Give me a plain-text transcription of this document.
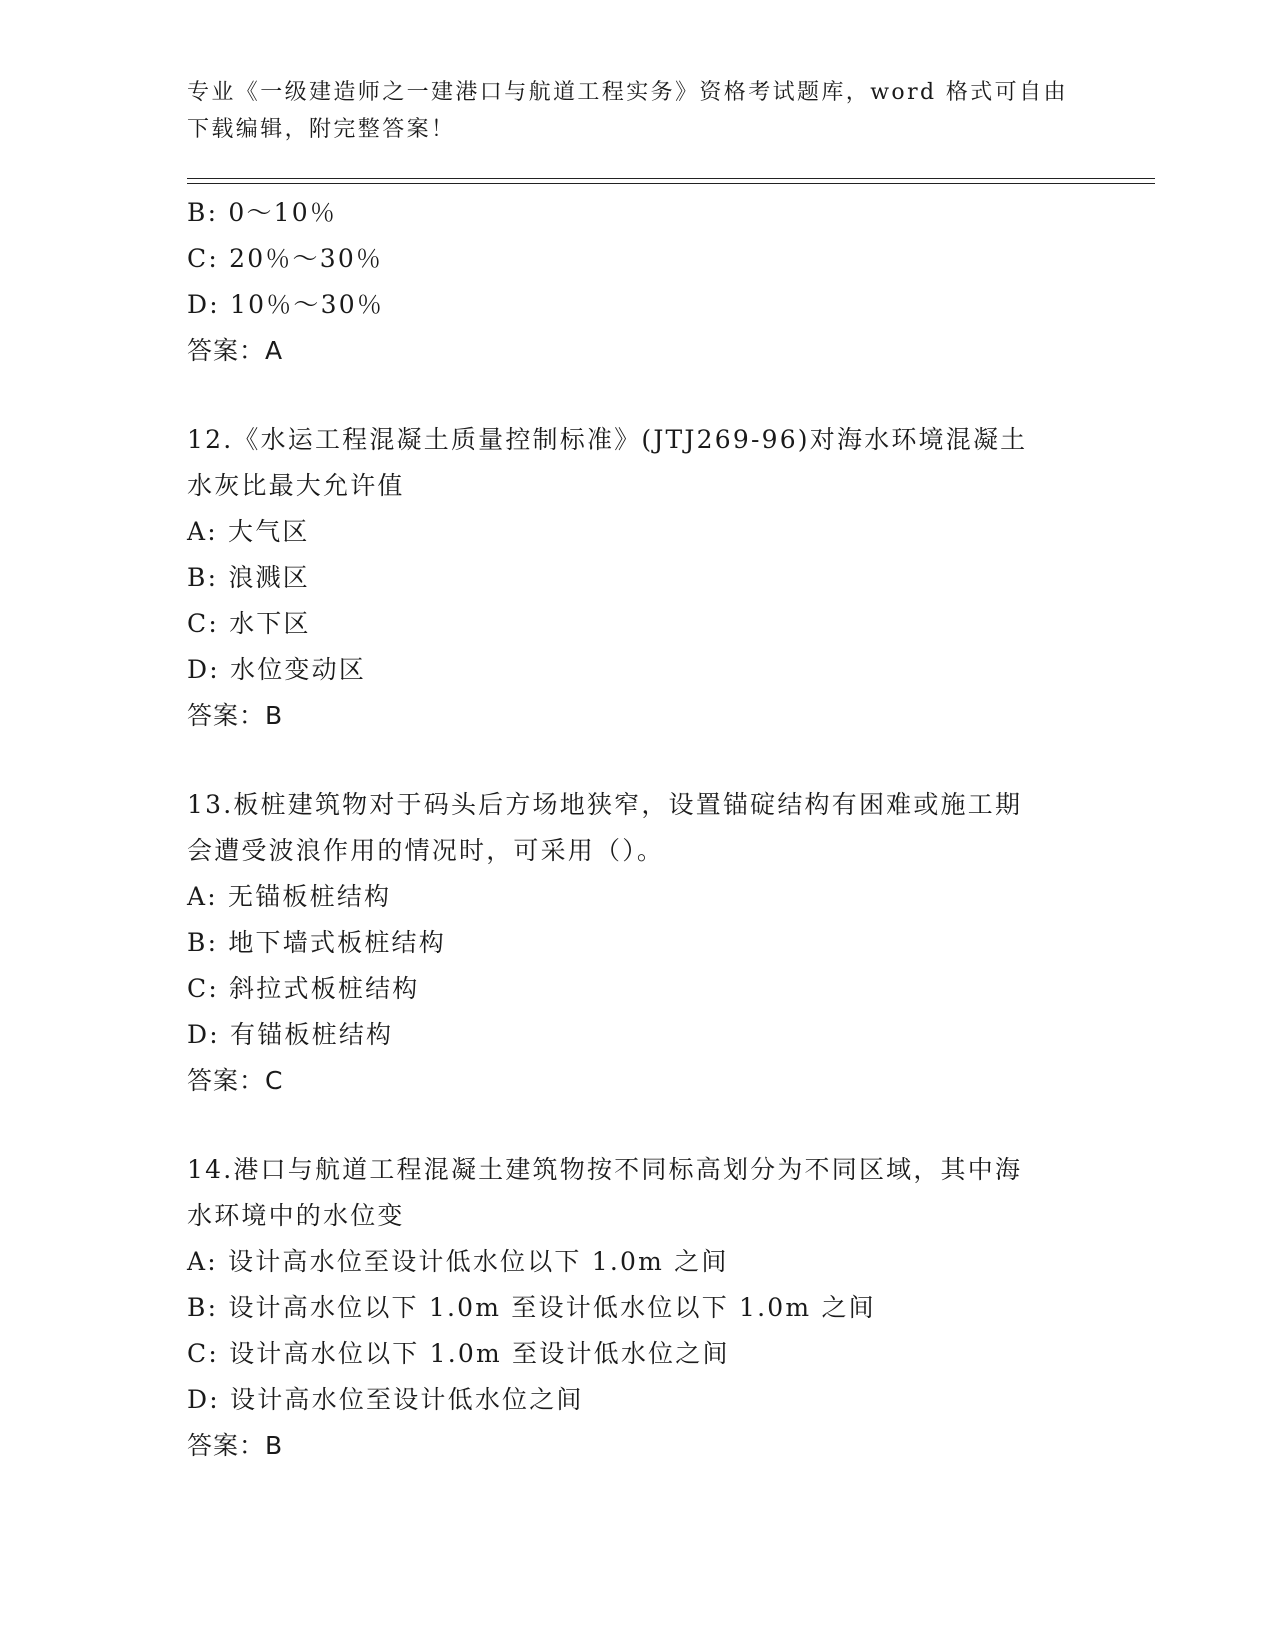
专业《一级建造师之一建港口与航道工程实务》资格考试题库，word 格式可自由
下载编辑，附完整答案！
B: 0～10％
C: 20％～30％
D: 10％～30％
答案：A
12.《水运工程混凝土质量控制标准》(JTJ269-96)对海水环境混凝土
水灰比最大允许值
A: 大气区
B: 浪溅区
C: 水下区
D: 水位变动区
答案：B
13.板桩建筑物对于码头后方场地狭窄，设置锚碇结构有困难或施工期
会遭受波浪作用的情况时，可采用（）。
A: 无锚板桩结构
B: 地下墙式板桩结构
C: 斜拉式板桩结构
D: 有锚板桩结构
答案：C
14.港口与航道工程混凝土建筑物按不同标高划分为不同区域，其中海
水环境中的水位变
A: 设计高水位至设计低水位以下 1.0m 之间
B: 设计高水位以下 1.0m 至设计低水位以下 1.0m 之间
C: 设计高水位以下 1.0m 至设计低水位之间
D: 设计高水位至设计低水位之间
答案：B
